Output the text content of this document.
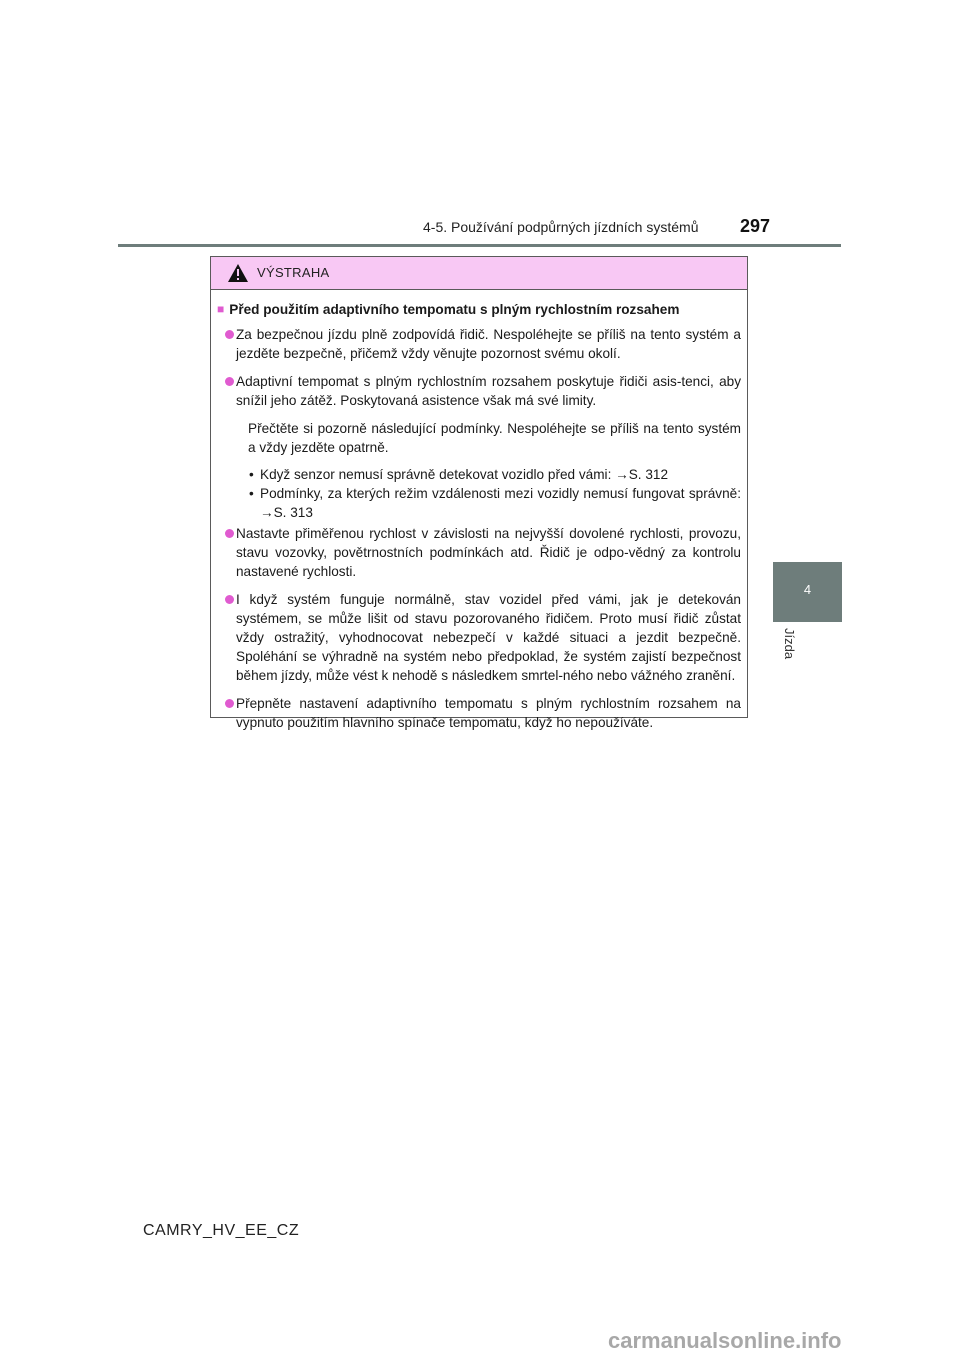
4-5. Používání podpůrných jízdních systémů 297
4
Jízda
VÝSTRAHA
■ Před použitím adaptivního tempomatu s plným rychlostním rozsahem
Za bezpečnou jízdu plně zodpovídá řidič. Nespoléhejte se příliš na tento systém a jezděte bezpečně, přičemž vždy věnujte pozornost svému okolí.
Adaptivní tempomat s plným rychlostním rozsahem poskytuje řidiči asis-tenci, aby snížil jeho zátěž. Poskytovaná asistence však má své limity.
Přečtěte si pozorně následující podmínky. Nespoléhejte se příliš na tento systém a vždy jezděte opatrně.
• Když senzor nemusí správně detekovat vozidlo před vámi: →S. 312
• Podmínky, za kterých režim vzdálenosti mezi vozidly nemusí fungovat správně: →S. 313
Nastavte přiměřenou rychlost v závislosti na nejvyšší dovolené rychlosti, provozu, stavu vozovky, povětrnostních podmínkách atd. Řidič je odpo-vědný za kontrolu nastavené rychlosti.
I když systém funguje normálně, stav vozidel před vámi, jak je detekován systémem, se může lišit od stavu pozorovaného řidičem. Proto musí řidič zůstat vždy ostražitý, vyhodnocovat nebezpečí v každé situaci a jezdit bezpečně. Spoléhání se výhradně na systém nebo předpoklad, že systém zajistí bezpečnost během jízdy, může vést k nehodě s následkem smrtel-ného nebo vážného zranění.
Přepněte nastavení adaptivního tempomatu s plným rychlostním rozsahem na vypnuto použitím hlavního spínače tempomatu, když ho nepoužíváte.
CAMRY_HV_EE_CZ
carmanualsonline.info
